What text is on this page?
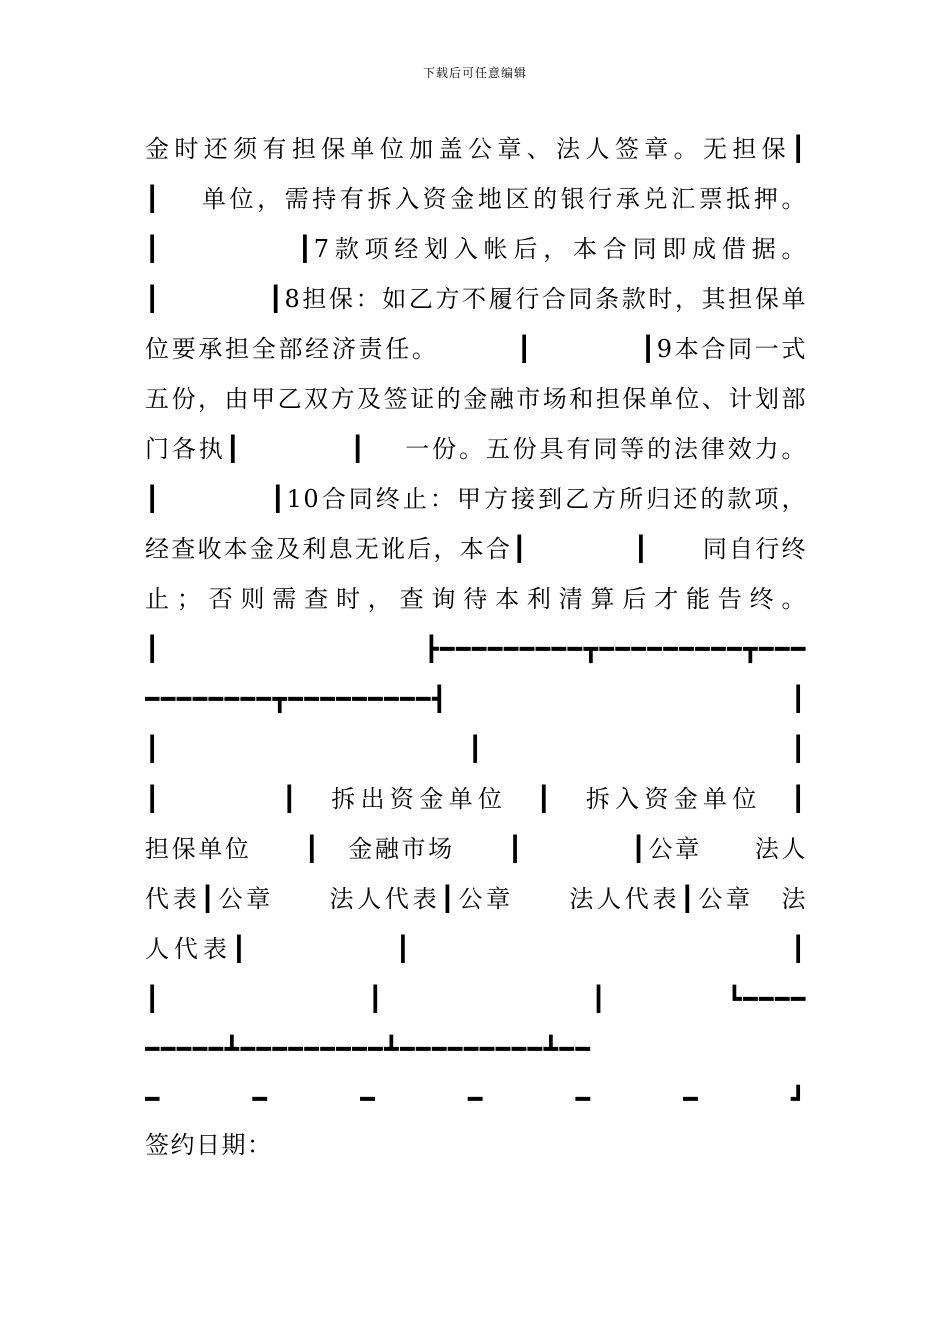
下载后可任意编辑
金时还须有担保单位加盖公章、法人签章。无担保┃
┃　 单位，需持有拆入资金地区的银行承兑汇票抵押。
┃　　　　 ┃7款项经划入帐后，本合同即成借据。
┃　　　　┃8担保：如乙方不履行合同条款时，其担保单
位要承担全部经济责任。　　　 ┃　　　　┃9本合同一式
五份，由甲乙双方及签证的金融市场和担保单位、计划部
门各执┃　　　　┃　 一份。五份具有同等的法律效力。
┃　　　　┃10合同终止：甲方接到乙方所归还的款项，
经查收本金及利息无讹后，本合┃　　　　┃　　同自行终
止；否则需查时，查询待本利清算后才能告终。
┃　　　　┣━━━━━━━━━┳━━━━━━━━━┳━━━
━━━━━━━━┳━━━━━━━━━┫　　　　　┃
┃　　　　　　　　　　　　┃　　　　　　　　　　　　┃
┃　　　　┃　拆出资金单位　┃　拆入资金单位　┃
担保单位　　┃　金融市场　　┃　　　　┃公章　　法人
代表┃公章　　法人代表┃公章　　法人代表┃公章　法
人代表┃　　　　　┃　　　　　　　　　　　　　┃
┃　　　　　　　┃　　　　　　　┃　　　　┗━━━━
━━━━━┻━━━━━━━━━┻━━━━━━━━━┻━━
━　　━　　━　　━　　━　　━　　┛
签约日期：
